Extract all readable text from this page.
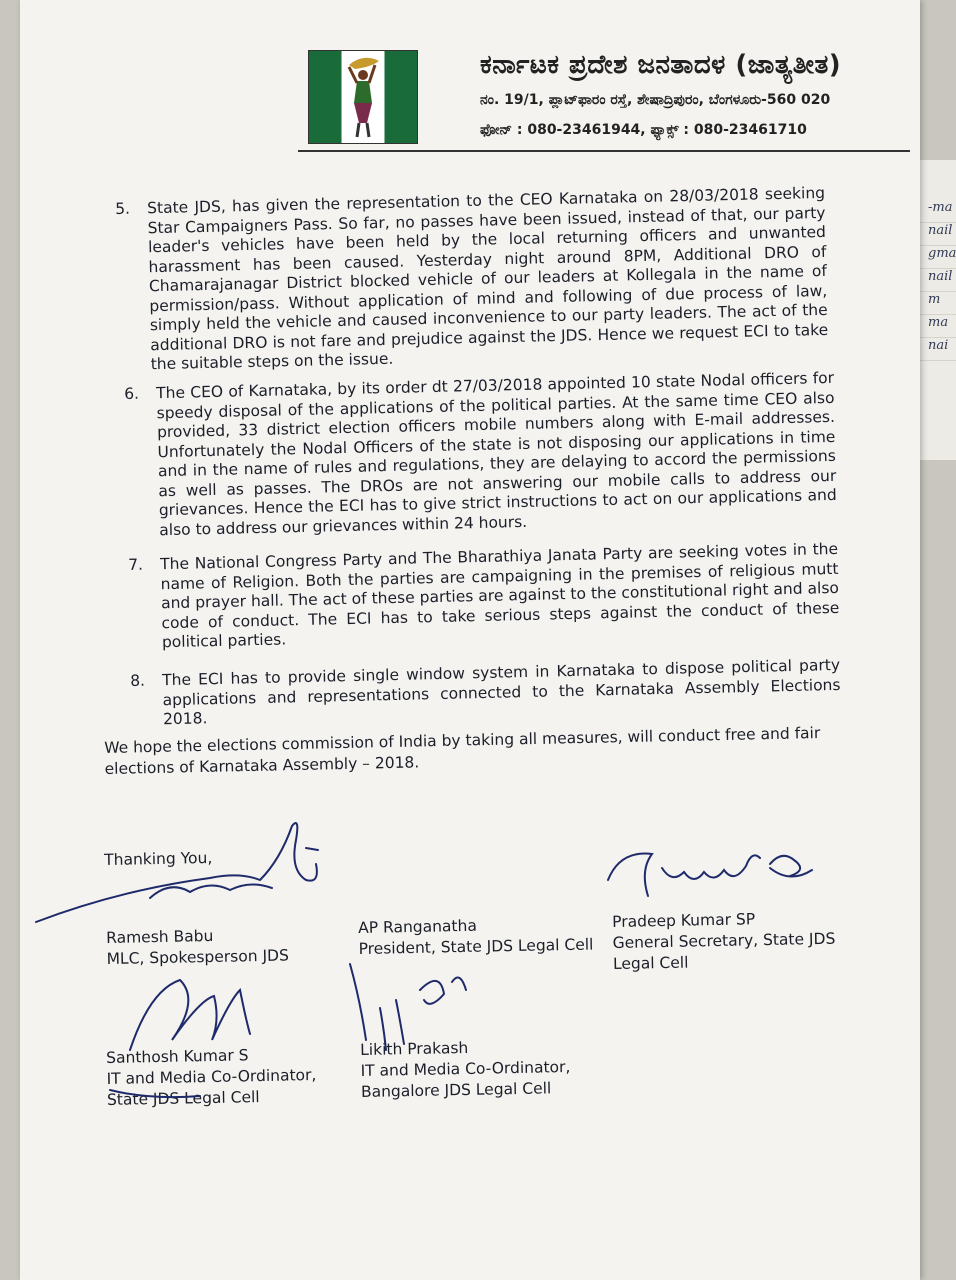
-ma
nail
gma
nail
m
ma
nai
ಕರ್ನಾಟಕ ಪ್ರದೇಶ ಜನತಾದಳ (ಜಾತ್ಯತೀತ)
ನಂ. 19/1, ಪ್ಲಾಟ್‌ಫಾರಂ ರಸ್ತೆ, ಶೇಷಾದ್ರಿಪುರಂ, ಬೆಂಗಳೂರು-560 020
ಫೋನ್ : 080-23461944, ಫ್ಯಾಕ್ಸ್ : 080-23461710
5. State JDS, has given the representation to the CEO Karnataka on 28/03/2018 seeking Star Campaigners Pass. So far, no passes have been issued, instead of that, our party leader's vehicles have been held by the local returning officers and unwanted harassment has been caused. Yesterday night around 8PM, Additional DRO of Chamarajanagar District blocked vehicle of our leaders at Kollegala in the name of permission/pass. Without application of mind and following of due process of law, simply held the vehicle and caused inconvenience to our party leaders. The act of the additional DRO is not fare and prejudice against the JDS. Hence we request ECI to take the suitable steps on the issue.
6. The CEO of Karnataka, by its order dt 27/03/2018 appointed 10 state Nodal officers for speedy disposal of the applications of the political parties. At the same time CEO also provided, 33 district election officers mobile numbers along with E-mail addresses. Unfortunately the Nodal Officers of the state is not disposing our applications in time and in the name of rules and regulations, they are delaying to accord the permissions as well as passes. The DROs are not answering our mobile calls to address our grievances. Hence the ECI has to give strict instructions to act on our applications and also to address our grievances within 24 hours.
7. The National Congress Party and The Bharathiya Janata Party are seeking votes in the name of Religion. Both the parties are campaigning in the premises of religious mutt and prayer hall. The act of these parties are against to the constitutional right and also code of conduct. The ECI has to take serious steps against the conduct of these political parties.
8. The ECI has to provide single window system in Karnataka to dispose political party applications and representations connected to the Karnataka Assembly Elections 2018.
We hope the elections commission of India by taking all measures, will conduct free and fair elections of Karnataka Assembly – 2018.
Thanking You,
Ramesh Babu
MLC, Spokesperson JDS
AP Ranganatha
President, State JDS Legal Cell
Pradeep Kumar SP
General Secretary, State JDS Legal Cell
Santhosh Kumar S
IT and Media Co-Ordinator, State JDS Legal Cell
Likith Prakash
IT and Media Co-Ordinator, Bangalore JDS Legal Cell
